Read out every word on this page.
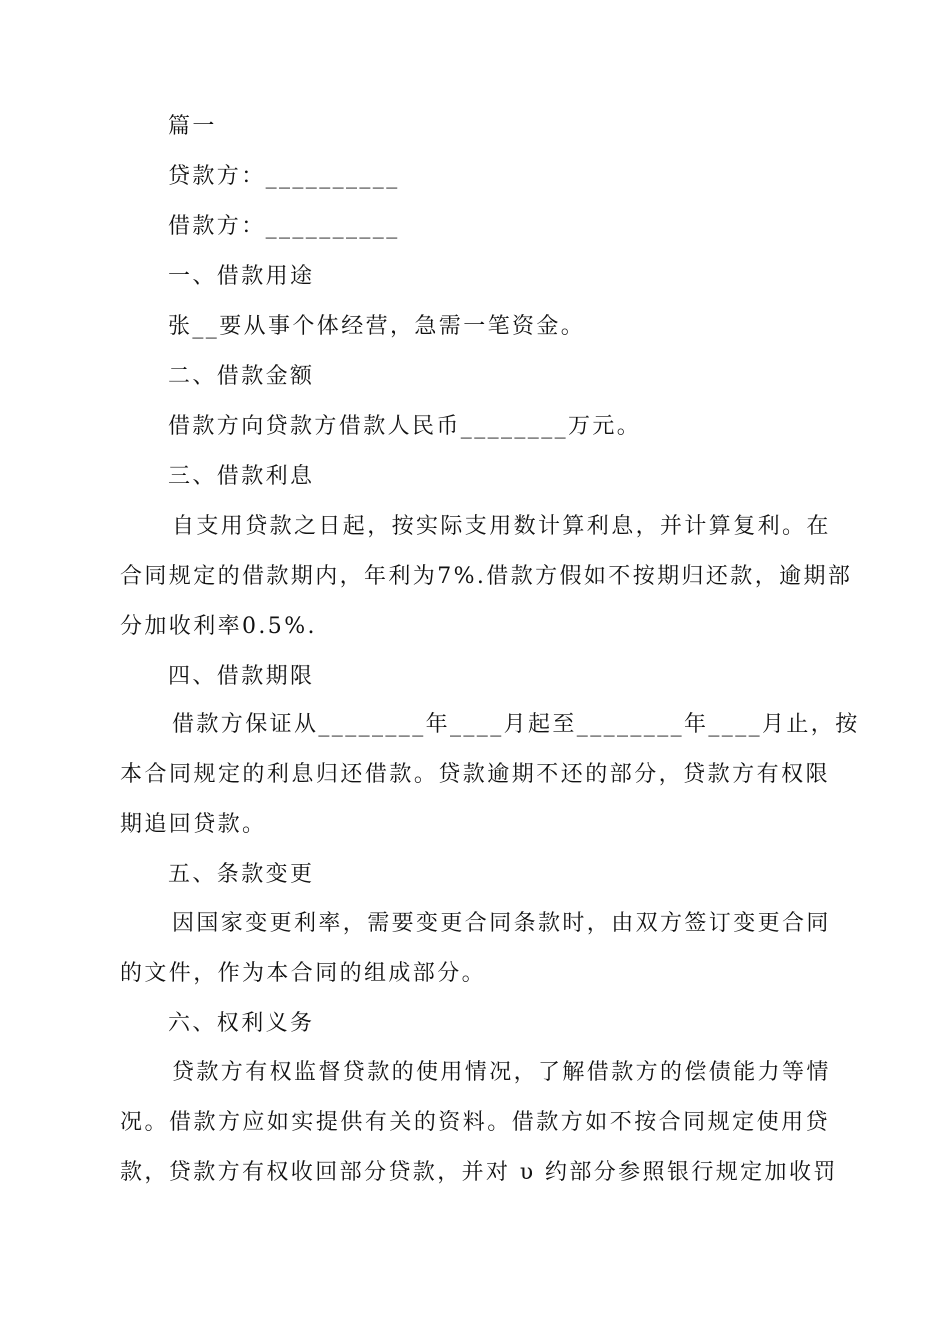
篇一
贷款方：__________
借款方：__________
一、借款用途
张__要从事个体经营，急需一笔资金。
二、借款金额
借款方向贷款方借款人民币________万元。
三、借款利息
自支用贷款之日起，按实际支用数计算利息，并计算复利。在
合同规定的借款期内，年利为7%.借款方假如不按期归还款，逾期部
分加收利率0.5%.
四、借款期限
借款方保证从________年____月起至________年____月止，按
本合同规定的利息归还借款。贷款逾期不还的部分，贷款方有权限
期追回贷款。
五、条款变更
因国家变更利率，需要变更合同条款时，由双方签订变更合同
的文件，作为本合同的组成部分。
六、权利义务
贷款方有权监督贷款的使用情况，了解借款方的偿债能力等情
况。借款方应如实提供有关的资料。借款方如不按合同规定使用贷
款，贷款方有权收回部分贷款，并对 υ 约部分参照银行规定加收罚
